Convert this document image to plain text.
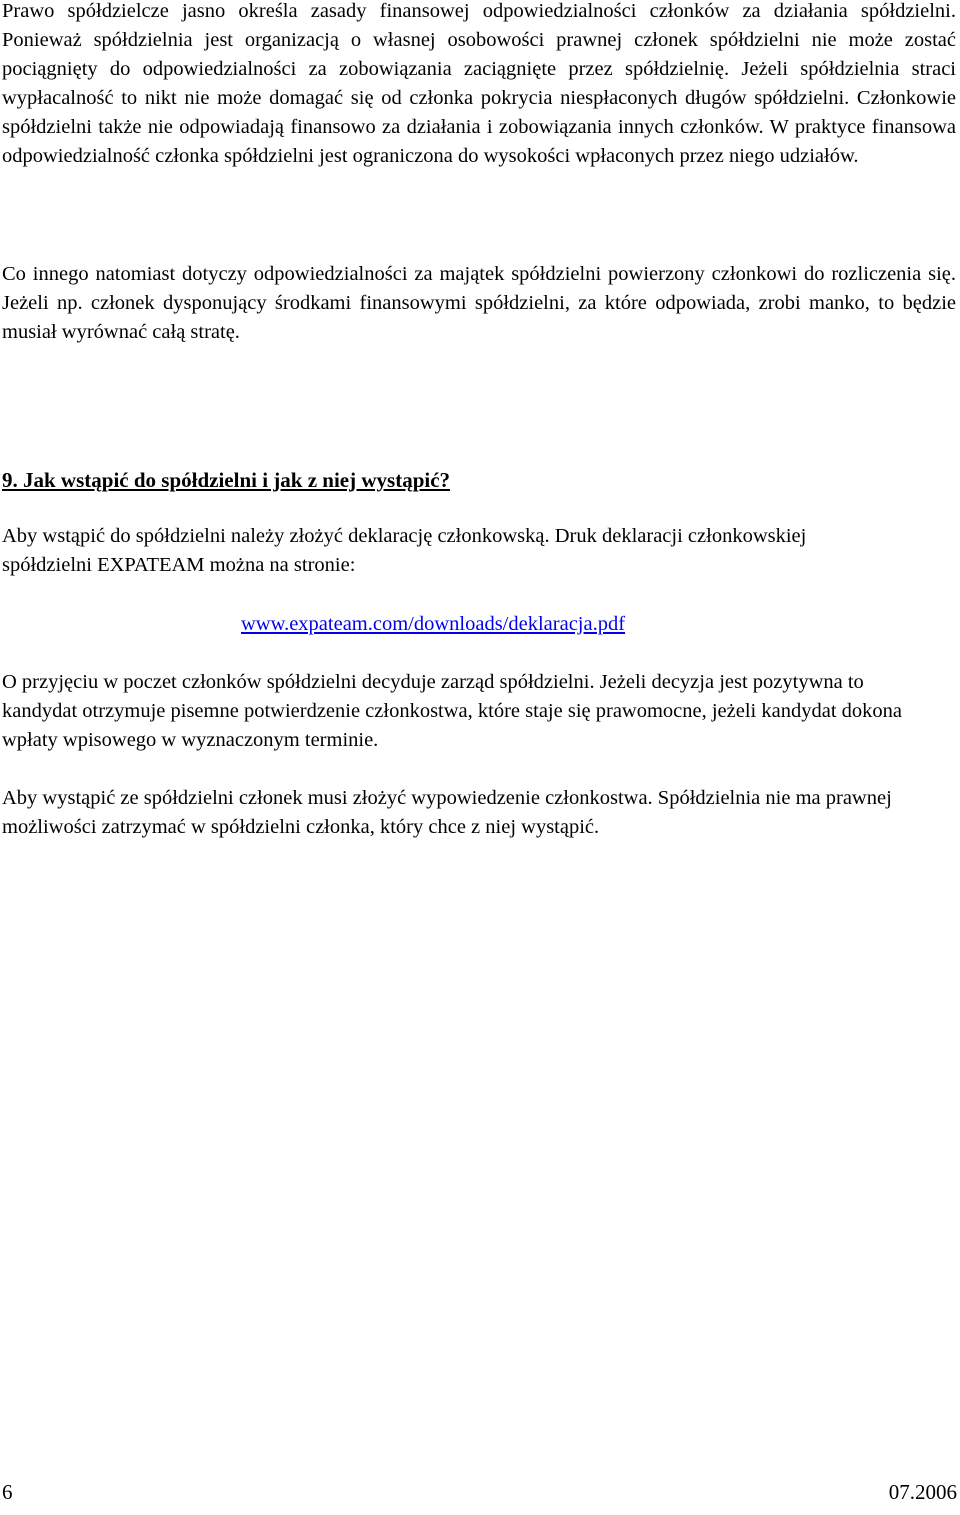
Prawo spółdzielcze jasno określa zasady finansowej odpowiedzialności członków za działania spółdzielni. Ponieważ spółdzielnia jest organizacją o własnej osobowości prawnej członek spółdzielni nie może zostać pociągnięty do odpowiedzialności za zobowiązania zaciągnięte przez spółdzielnię. Jeżeli spółdzielnia straci wypłacalność to nikt nie może domagać się od członka pokrycia niespłaconych długów spółdzielni. Członkowie spółdzielni także nie odpowiadają finansowo za działania i zobowiązania innych członków. W praktyce finansowa odpowiedzialność członka spółdzielni jest ograniczona do wysokości wpłaconych przez niego udziałów.

Co innego natomiast dotyczy odpowiedzialności za majątek spółdzielni powierzony członkowi do rozliczenia się. Jeżeli np. członek dysponujący środkami finansowymi spółdzielni, za które odpowiada, zrobi manko, to będzie musiał wyrównać całą stratę.

9. Jak wstąpić do spółdzielni i jak z niej wystąpić?

Aby wstąpić do spółdzielni należy złożyć deklarację członkowską. Druk deklaracji członkowskiej spółdzielni EXPATEAM można na stronie:

www.expateam.com/downloads/deklaracja.pdf

O przyjęciu w poczet członków spółdzielni decyduje zarząd spółdzielni. Jeżeli decyzja jest pozytywna to kandydat otrzymuje pisemne potwierdzenie członkostwa, które staje się prawomocne, jeżeli kandydat dokona wpłaty wpisowego w wyznaczonym terminie.

Aby wystąpić ze spółdzielni członek musi złożyć wypowiedzenie członkostwa. Spółdzielnia nie ma prawnej możliwości zatrzymać w spółdzielni członka, który chce z niej wystąpić.

6	07.2006
